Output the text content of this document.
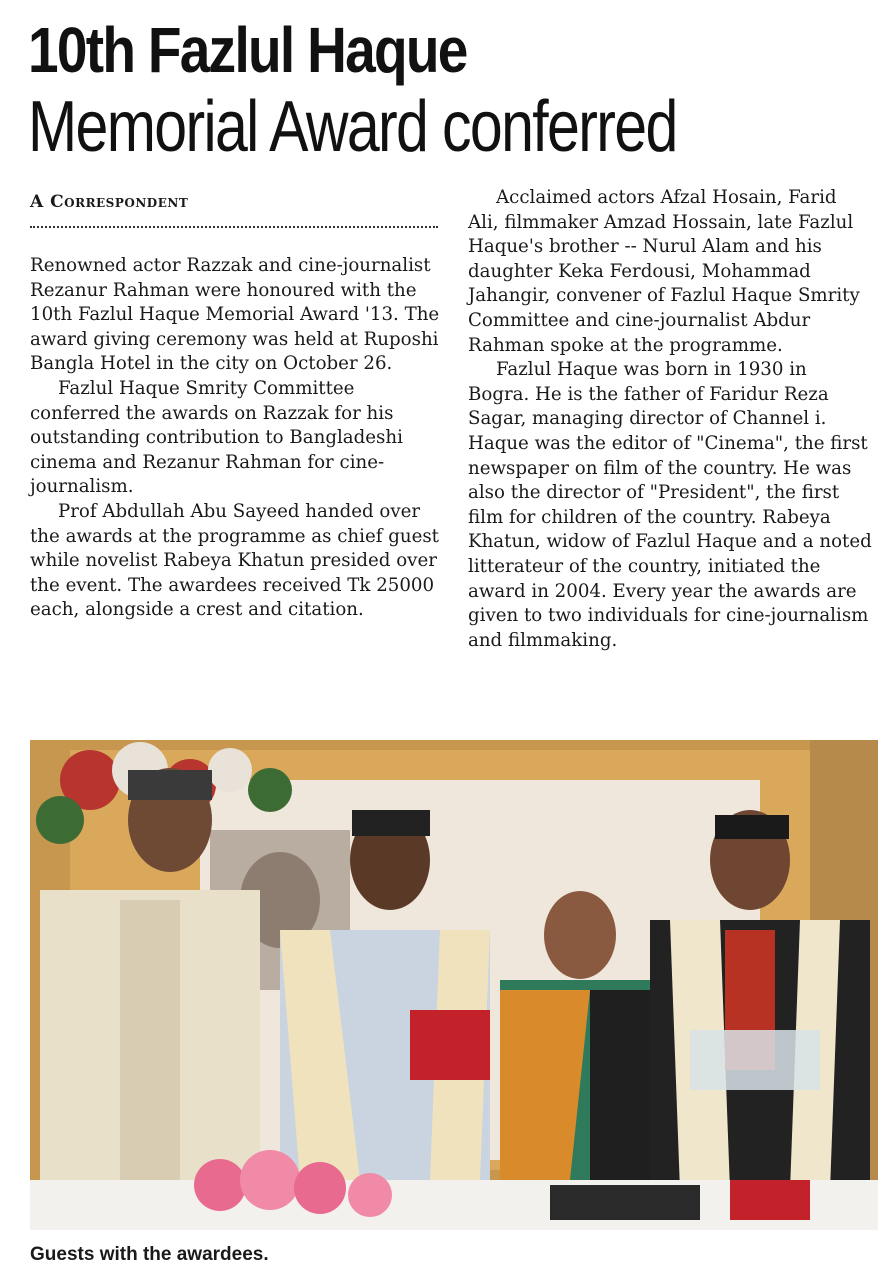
10th Fazlul Haque
Memorial Award conferred
A Correspondent

Renowned actor Razzak and cine-journalist Rezanur Rahman were honoured with the 10th Fazlul Haque Memorial Award '13. The award giving ceremony was held at Ruposhi Bangla Hotel in the city on October 26.

Fazlul Haque Smrity Committee conferred the awards on Razzak for his outstanding contribution to Bangladeshi cinema and Rezanur Rahman for cine-journalism.

Prof Abdullah Abu Sayeed handed over the awards at the programme as chief guest while novelist Rabeya Khatun presided over the event. The awardees received Tk 25000 each, alongside a crest and citation.

Acclaimed actors Afzal Hosain, Farid Ali, filmmaker Amzad Hossain, late Fazlul Haque's brother -- Nurul Alam and his daughter Keka Ferdousi, Mohammad Jahangir, convener of Fazlul Haque Smrity Committee and cine-journalist Abdur Rahman spoke at the programme.

Fazlul Haque was born in 1930 in Bogra. He is the father of Faridur Reza Sagar, managing director of Channel i. Haque was the editor of "Cinema", the first newspaper on film of the country. He was also the director of "President", the first film for children of the country. Rabeya Khatun, widow of Fazlul Haque and a noted litterateur of the country, initiated the award in 2004. Every year the awards are given to two individuals for cine-journalism and filmmaking.

Guests with the awardees.
